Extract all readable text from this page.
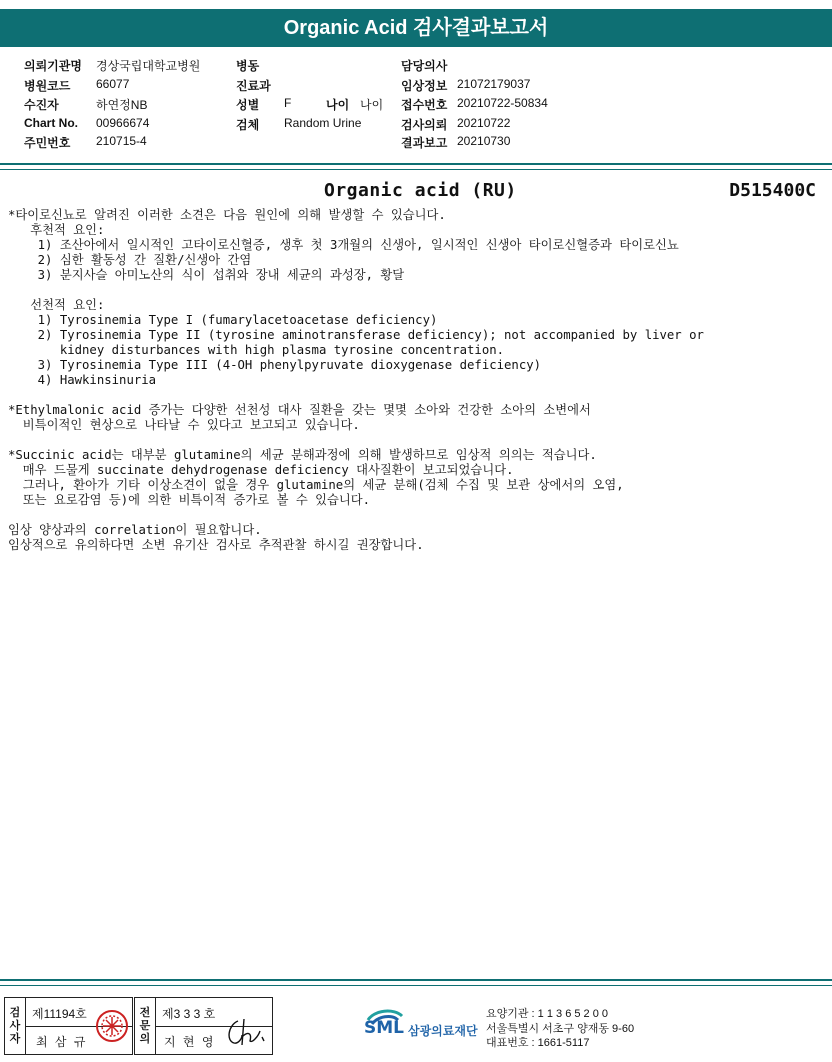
Organic Acid 검사결과보고서
의뢰기관명 경상국립대학교병원
병원코드 66077
수진자	하연정NB
Chart No. 00966674
주민번호 210715-4
병동
진료과
성별 F
검체 Random Urine
담당의사
임상정보 21072179037
접수번호 20210722-50834
검사의뢰 20210722
결과보고 20210730
나이 나이
Organic acid (RU)	D515400C
*타이로신뇨로 알려진 이러한 소견은 다음 원인에 의해 발생할 수 있습니다.
후천적 요인:
1) 조산아에서 일시적인 고타이로신혈증, 생후 첫 3개월의 신생아, 일시적인 신생아 타이로신혈증과 타이로신뇨
2) 심한 활동성 간 질환/신생아 간염
3) 분지사슬 아미노산의 식이 섭취와 장내 세균의 과성장, 황달
선천적 요인:
1) Tyrosinemia Type I (fumarylacetoacetase deficiency)
2) Tyrosinemia Type II (tyrosine aminotransferase deficiency); not accompanied by liver or
kidney disturbances with high plasma tyrosine concentration.
3) Tyrosinemia Type III (4-OH phenylpyruvate dioxygenase deficiency)
4) Hawkinsinuria
*Ethylmalonic acid 증가는 다양한 선천성 대사 질환을 갖는 몇몇 소아와 건강한 소아의 소변에서
비특이적인 현상으로 나타날 수 있다고 보고되고 있습니다.
*Succinic acid는 대부분 glutamine의 세균 분해과정에 의해 발생하므로 임상적 의의는 적습니다.
매우 드물게 succinate dehydrogenase deficiency 대사질환이 보고되었습니다.
그러나, 환아가 기타 이상소견이 없을 경우 glutamine의 세균 분해(검체 수집 및 보관 상에서의 오염,
또는 요로감염 등)에 의한 비특이적 증가로 볼 수 있습니다.
임상 양상과의 correlation이 필요합니다.
임상적으로 유의하다면 소변 유기산 검사로 추적관찰 하시길 권장합니다.
검
사
자
제11194호
최 삼 규
전
문
의
제3 3 3 호
지 현 영
SML 삼광의료재단
요양기관 : 1 1 3 6 5 2 0 0
서울특별시 서초구 양재동 9-60
대표번호 : 1661-5117
